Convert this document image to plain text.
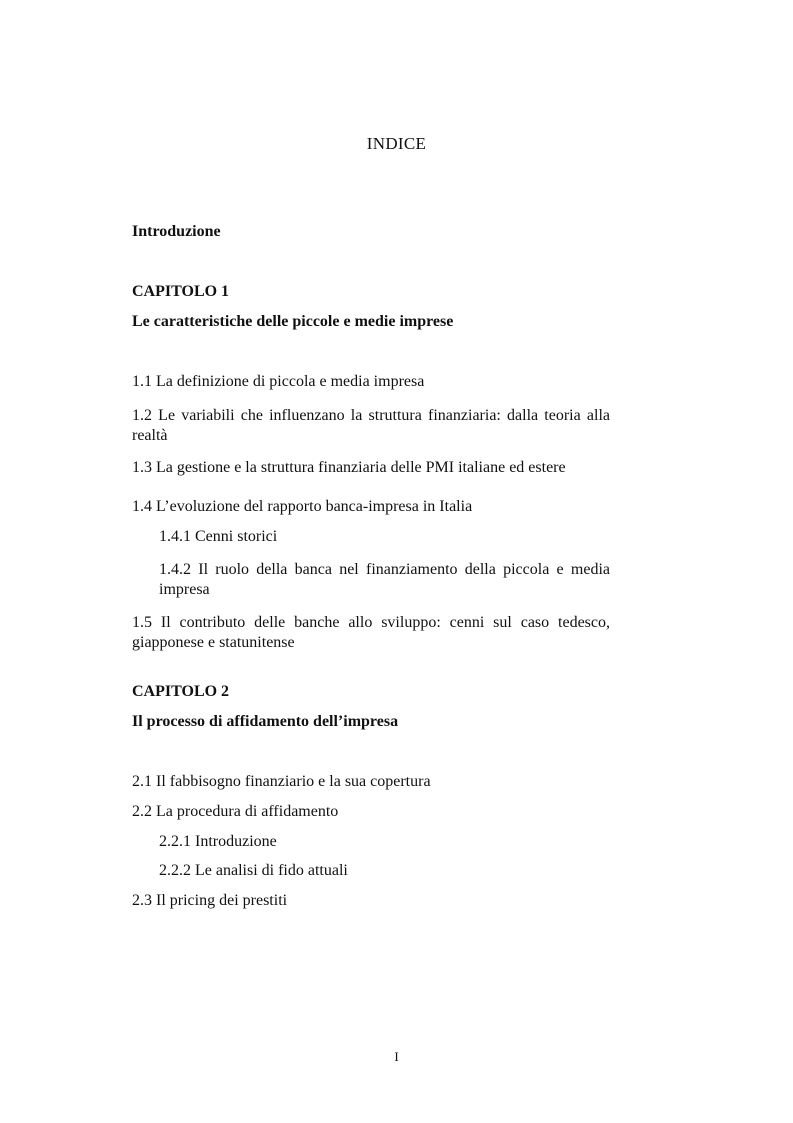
INDICE
Introduzione
CAPITOLO 1
Le caratteristiche delle piccole e medie imprese
1.1 La definizione di piccola e media impresa
1.2 Le variabili che influenzano la struttura finanziaria: dalla teoria alla realtà
1.3 La gestione e la struttura finanziaria delle PMI italiane ed estere
1.4 L’evoluzione del rapporto banca-impresa in Italia
1.4.1 Cenni storici
1.4.2 Il ruolo della banca nel finanziamento della piccola e media impresa
1.5 Il contributo delle banche allo sviluppo: cenni sul caso tedesco, giapponese e statunitense
CAPITOLO 2
Il processo di affidamento dell’impresa
2.1 Il fabbisogno finanziario e la sua copertura
2.2 La procedura di affidamento
2.2.1 Introduzione
2.2.2 Le analisi di fido attuali
2.3 Il pricing dei prestiti
I
